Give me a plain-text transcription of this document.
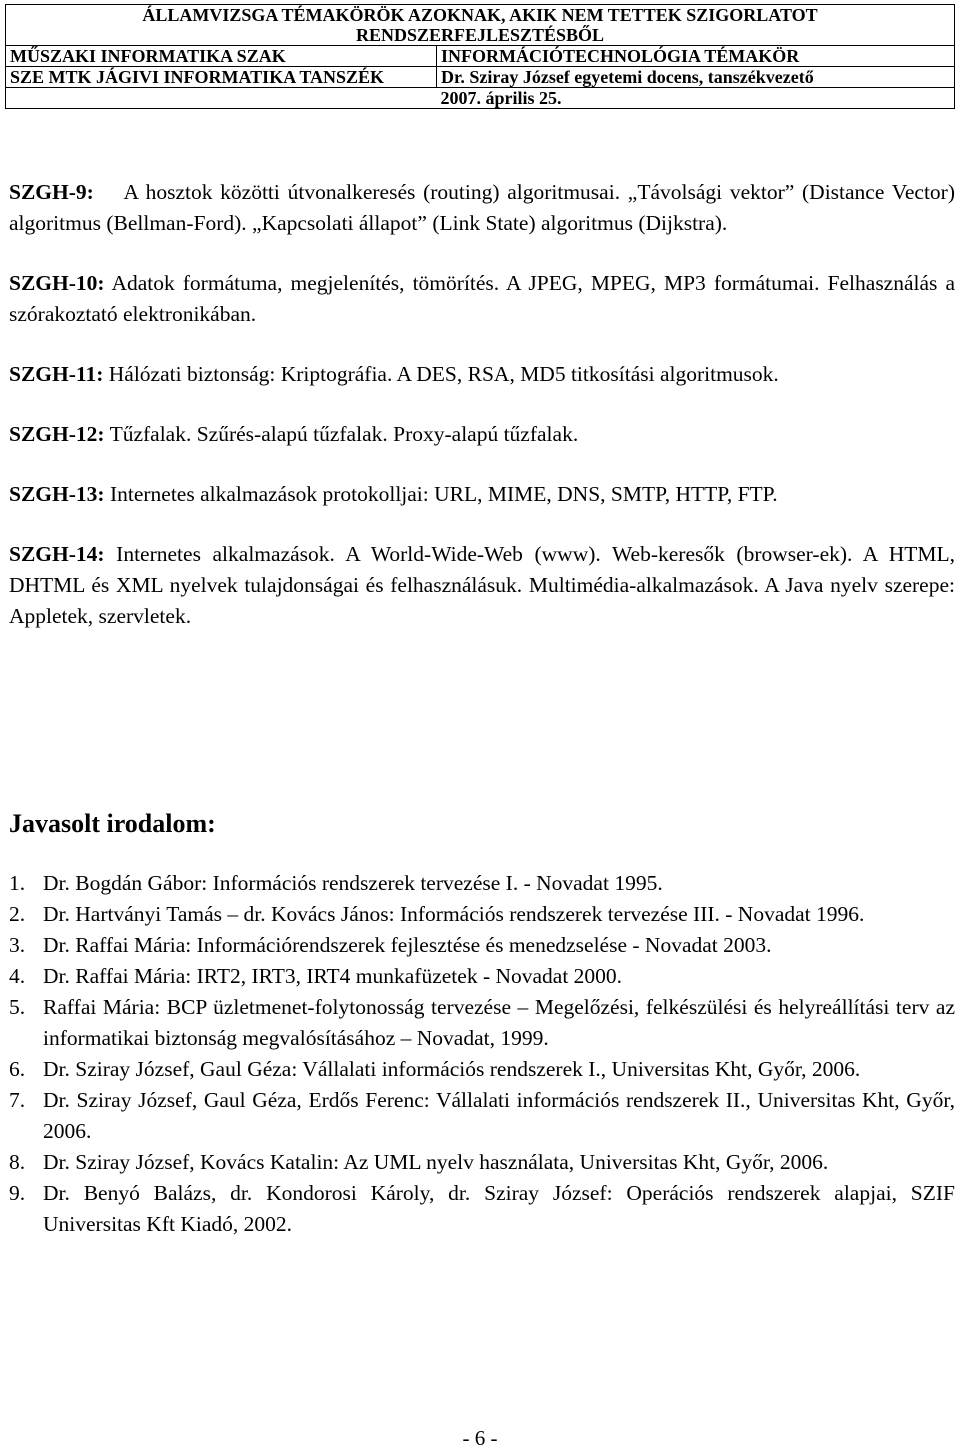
ÁLLAMVIZSGA TÉMAKÖRÖK AZOKNAK, AKIK NEM TETTEK SZIGORLATOT
RENDSZERFEJLESZTÉSBŐL	

MŰSZAKI INFORMATIKA SZAK	INFORMÁCIÓTECHNOLÓGIA TÉMAKÖR
SZE MTK JÁGIVI INFORMATIKA TANSZÉK	Dr. Sziray József egyetemi docens, tanszékvezető
	2007. április 25.

SZGH-9: A hosztok közötti útvonalkeresés (routing) algoritmusai. „Távolsági vektor” (Distance Vector) algoritmus (Bellman-Ford). „Kapcsolati állapot” (Link State) algoritmus (Dijkstra).

SZGH-10: Adatok formátuma, megjelenítés, tömörítés. A JPEG, MPEG, MP3 formátumai. Felhasználás a szórakoztató elektronikában.

SZGH-11: Hálózati biztonság: Kriptográfia. A DES, RSA, MD5 titkosítási algoritmusok.

SZGH-12: Tűzfalak. Szűrés-alapú tűzfalak. Proxy-alapú tűzfalak.

SZGH-13: Internetes alkalmazások protokolljai: URL, MIME, DNS, SMTP, HTTP, FTP.

SZGH-14: Internetes alkalmazások. A World-Wide-Web (www). Web-keresők (browser-ek). A HTML, DHTML és XML nyelvek tulajdonságai és felhasználásuk. Multimédia-alkalmazások. A Java nyelv szerepe: Appletek, szervletek.

Javasolt irodalom:
1. Dr. Bogdán Gábor: Információs rendszerek tervezése I. - Novadat 1995.
2. Dr. Hartványi Tamás – dr. Kovács János: Információs rendszerek tervezése III. - Novadat 1996.
3. Dr. Raffai Mária: Információrendszerek fejlesztése és menedzselése - Novadat 2003.
4. Dr. Raffai Mária: IRT2, IRT3, IRT4 munkafüzetek - Novadat 2000.
5. Raffai Mária: BCP üzletmenet-folytonosság tervezése – Megelőzési, felkészülési és helyreállítási terv az informatikai biztonság megvalósításához – Novadat, 1999.
6. Dr. Sziray József, Gaul Géza: Vállalati információs rendszerek I., Universitas Kht, Győr, 2006.
7. Dr. Sziray József, Gaul Géza, Erdős Ferenc: Vállalati információs rendszerek II., Universitas Kht, Győr, 2006.
8. Dr. Sziray József, Kovács Katalin: Az UML nyelv használata, Universitas Kht, Győr, 2006.
9. Dr. Benyó Balázs, dr. Kondorosi Károly, dr. Sziray József: Operációs rendszerek alapjai, SZIF Universitas Kft Kiadó, 2002.
- 6 -
